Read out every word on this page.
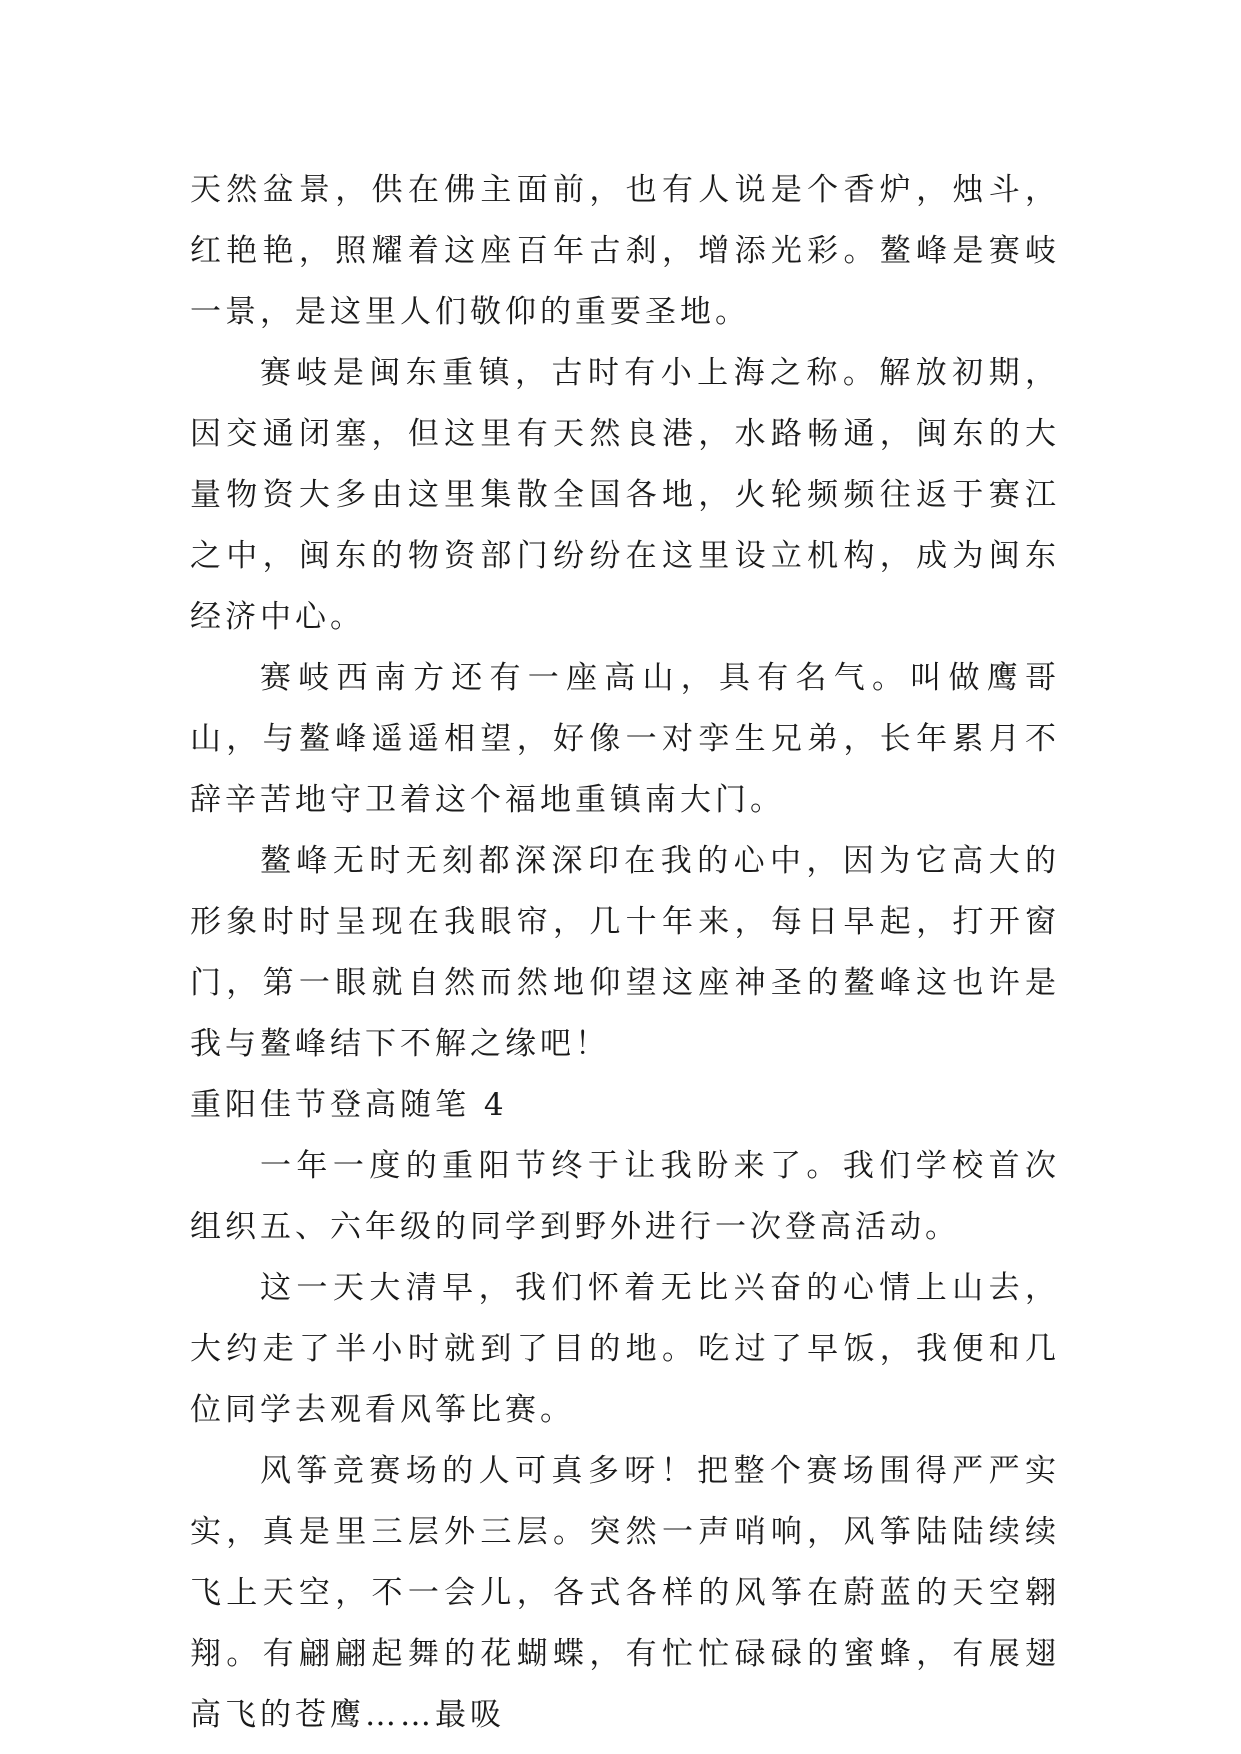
天然盆景，供在佛主面前，也有人说是个香炉，烛斗，红艳艳，照耀着这座百年古刹，增添光彩。鳌峰是赛岐一景，是这里人们敬仰的重要圣地。

赛岐是闽东重镇，古时有小上海之称。解放初期，因交通闭塞，但这里有天然良港，水路畅通，闽东的大量物资大多由这里集散全国各地，火轮频频往返于赛江之中，闽东的物资部门纷纷在这里设立机构，成为闽东经济中心。

赛岐西南方还有一座高山，具有名气。叫做鹰哥山，与鳌峰遥遥相望，好像一对孪生兄弟，长年累月不辞辛苦地守卫着这个福地重镇南大门。

鳌峰无时无刻都深深印在我的心中，因为它高大的形象时时呈现在我眼帘，几十年来，每日早起，打开窗门，第一眼就自然而然地仰望这座神圣的鳌峰这也许是我与鳌峰结下不解之缘吧！

重阳佳节登高随笔 4

一年一度的重阳节终于让我盼来了。我们学校首次组织五、六年级的同学到野外进行一次登高活动。

这一天大清早，我们怀着无比兴奋的心情上山去，大约走了半小时就到了目的地。吃过了早饭，我便和几位同学去观看风筝比赛。

风筝竞赛场的人可真多呀！把整个赛场围得严严实实，真是里三层外三层。突然一声哨响，风筝陆陆续续飞上天空，不一会儿，各式各样的风筝在蔚蓝的天空翱翔。有翩翩起舞的花蝴蝶，有忙忙碌碌的蜜蜂，有展翅高飞的苍鹰……最吸
